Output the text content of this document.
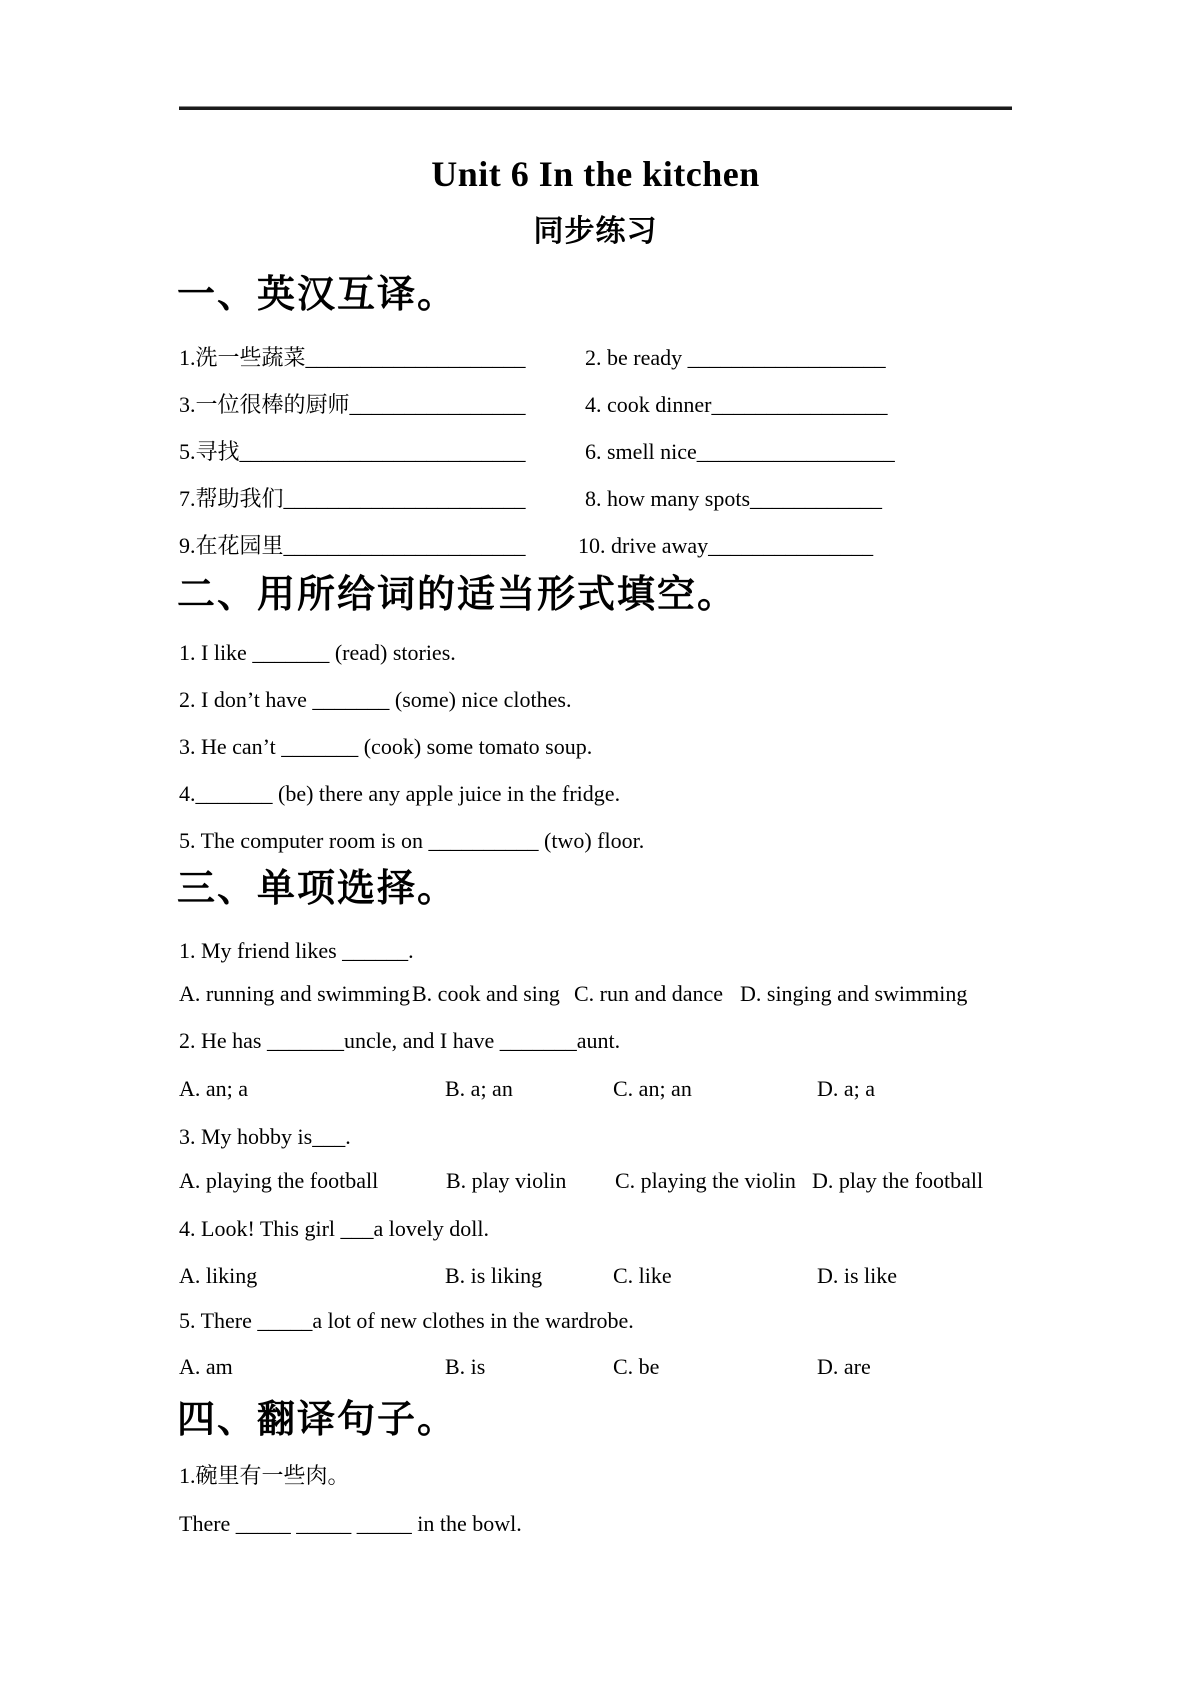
Unit 6 In the kitchen
同步练习
一、英汉互译。
1.洗一些蔬菜____________________	2. be ready __________________
3.一位很棒的厨师________________	4. cook dinner________________
5.寻找__________________________	6. smell nice__________________
7.帮助我们______________________	8. how many spots____________
9.在花园里______________________ 10. drive away_______________
二、用所给词的适当形式填空。
1. I like _______ (read) stories.
2. I don’t have _______ (some) nice clothes.
3. He can’t _______ (cook) some tomato soup.
4._______ (be) there any apple juice in the fridge.
5. The computer room is on __________ (two) floor.
三、单项选择。
1. My friend likes ______.
A. running and swimming B. cook and sing C. run and dance D. singing and swimming
2. He has _______uncle, and I have _______aunt.
A. an; a	B. a; an	C. an; an	D. a; a
3. My hobby is___.
A. playing the football	B. play violin C. playing the violin D. play the football
4. Look! This girl ___a lovely doll.
A. liking	B. is liking	C. like	D. is like
5. There _____a lot of new clothes in the wardrobe.
A. am	B. is	C. be	D. are
四、翻译句子。
1.碗里有一些肉。
There _____ _____ _____ in the bowl.
